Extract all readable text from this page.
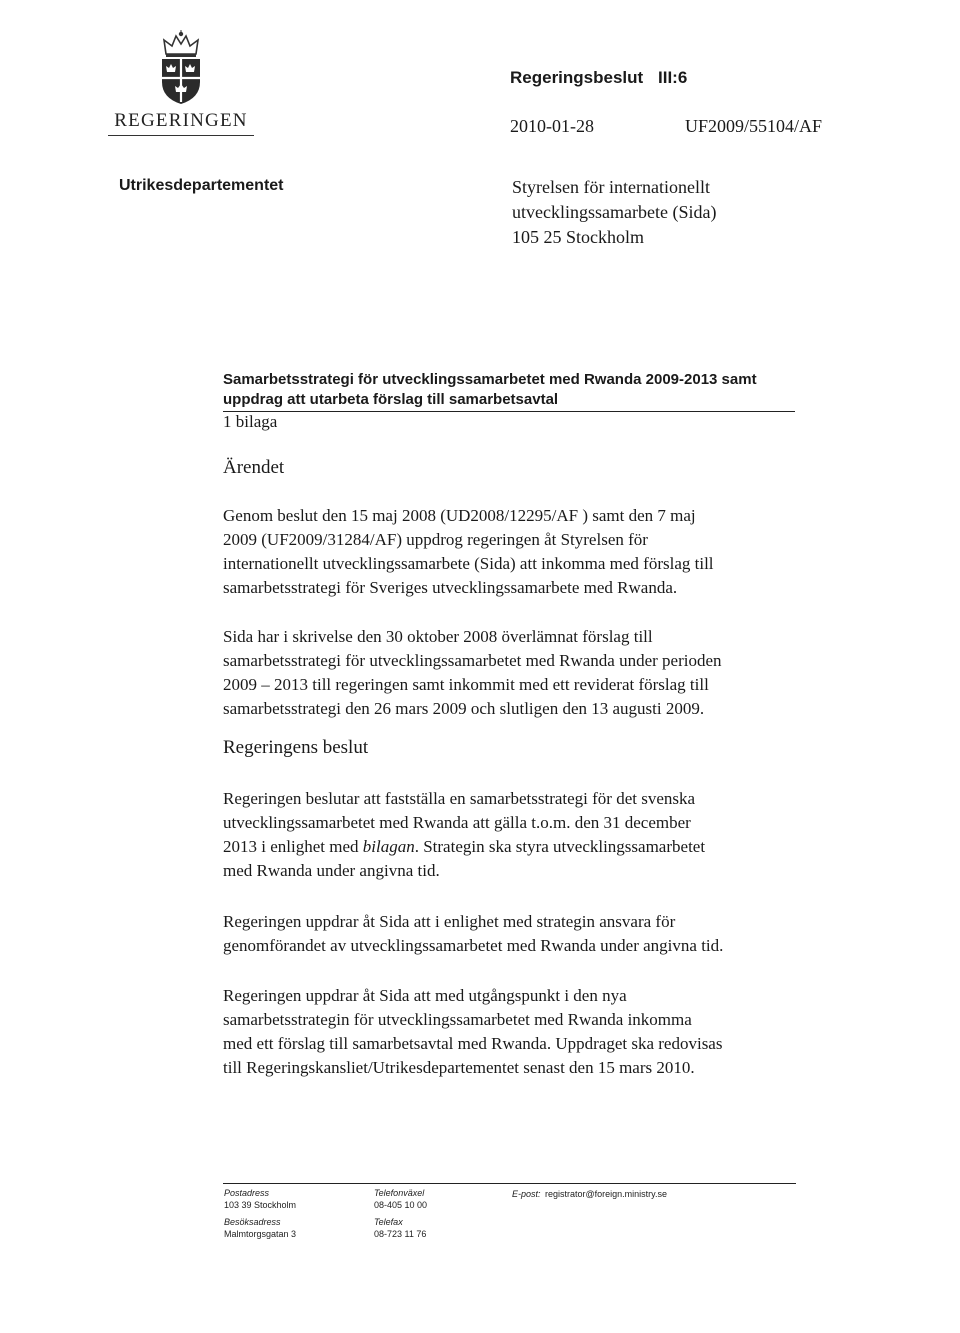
REGERINGEN
Regeringsbeslut III:6
2010-01-28	UF2009/55104/AF
Utrikesdepartementet	Styrelsen för internationellt
utvecklingssamarbete (Sida)
105 25 Stockholm
Samarbetsstrategi för utvecklingssamarbetet med Rwanda 2009-2013 samt
uppdrag att utarbeta förslag till samarbetsavtal
1 bilaga
Ärendet
Genom beslut den 15 maj 2008 (UD2008/12295/AF ) samt den 7 maj
2009 (UF2009/31284/AF) uppdrog regeringen åt Styrelsen för
internationellt utvecklingssamarbete (Sida) att inkomma med förslag till
samarbetsstrategi för Sveriges utvecklingssamarbete med Rwanda.
Sida har i skrivelse den 30 oktober 2008 överlämnat förslag till
samarbetsstrategi för utvecklingssamarbetet med Rwanda under perioden
2009 – 2013 till regeringen samt inkommit med ett reviderat förslag till
samarbetsstrategi den 26 mars 2009 och slutligen den 13 augusti 2009.
Regeringens beslut
Regeringen beslutar att fastställa en samarbetsstrategi för det svenska
utvecklingssamarbetet med Rwanda att gälla t.o.m. den 31 december
2013 i enlighet med bilagan. Strategin ska styra utvecklingssamarbetet
med Rwanda under angivna tid.
Regeringen uppdrar åt Sida att i enlighet med strategin ansvara för
genomförandet av utvecklingssamarbetet med Rwanda under angivna tid.
Regeringen uppdrar åt Sida att med utgångspunkt i den nya
samarbetsstrategin för utvecklingssamarbetet med Rwanda inkomma
med ett förslag till samarbetsavtal med Rwanda. Uppdraget ska redovisas
till Regeringskansliet/Utrikesdepartementet senast den 15 mars 2010.
Postadress
103 39 Stockholm
Telefonväxel
08-405 10 00
E-post: registrator@foreign.ministry.se
Besöksadress
Malmtorgsgatan 3
Telefax
08-723 11 76
